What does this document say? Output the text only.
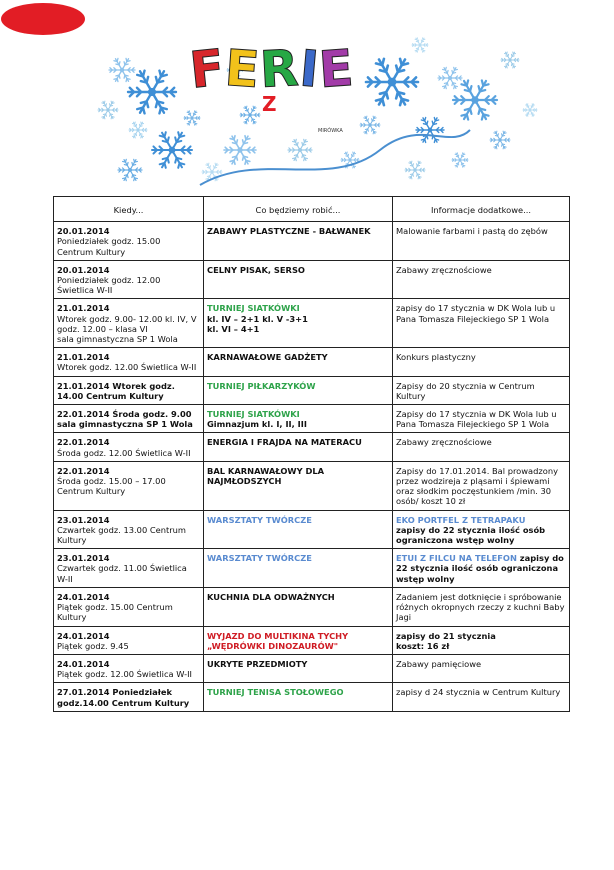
F
E
R
I
E
Z GOK
MIRÓWKA
Kiedy...	Co będziemy robić...	Informacje dodatkowe...
20.01.2014
Poniedziałek godz. 15.00
Centrum Kultury	ZABAWY PLASTYCZNE - BAŁWANEK	Malowanie farbami i pastą do zębów
20.01.2014
Poniedziałek godz. 12.00
Świetlica W-II	CELNY PISAK, SERSO	Zabawy zręcznościowe
21.01.2014
Wtorek godz. 9.00- 12.00 kl. IV, V
godz. 12.00 – klasa VI
sala gimnastyczna SP 1 Wola	TURNIEJ SIATKÓWKI
kl. IV – 2+1 kl. V -3+1
kl. VI – 4+1	zapisy do 17 stycznia w DK Wola lub u Pana Tomasza Filejeckiego SP 1 Wola
21.01.2014
Wtorek godz. 12.00 Świetlica W-II	KARNAWAŁOWE GADŻETY	Konkurs plastyczny
21.01.2014 Wtorek godz. 14.00 Centrum Kultury	TURNIEJ PIŁKARZYKÓW	Zapisy do 20 stycznia w Centrum Kultury
22.01.2014 Środa godz. 9.00 sala gimnastyczna SP 1 Wola	TURNIEJ SIATKÓWKI
Gimnazjum kl. I, II, III	Zapisy do 17 stycznia w DK Wola lub u Pana Tomasza Filejeckiego SP 1 Wola
22.01.2014
Środa godz. 12.00 Świetlica W-II	ENERGIA I FRAJDA NA MATERACU	Zabawy zręcznościowe
22.01.2014
Środa godz. 15.00 – 17.00
Centrum Kultury	BAL KARNAWAŁOWY DLA NAJMŁODSZYCH	Zapisy do 17.01.2014. Bal prowadzony przez wodzireja z pląsami i śpiewami oraz słodkim poczęstunkiem /min. 30 osób/ koszt 10 zł
23.01.2014
Czwartek godz. 13.00 Centrum Kultury	WARSZTATY TWÓRCZE	EKO PORTFEL Z TETRAPAKU
zapisy do 22 stycznia ilość osób ograniczona wstęp wolny
23.01.2014
Czwartek godz. 11.00 Świetlica W-II	WARSZTATY TWÓRCZE	ETUI Z FILCU NA TELEFON zapisy do 22 stycznia ilość osób ograniczona wstęp wolny
24.01.2014
Piątek godz. 15.00 Centrum Kultury	KUCHNIA DLA ODWAŻNYCH	Zadaniem jest dotknięcie i spróbowanie różnych okropnych rzeczy z kuchni Baby Jagi
24.01.2014
Piątek godz. 9.45	WYJAZD DO MULTIKINA TYCHY
„WĘDRÓWKI DINOZAURÓW"	zapisy do 21 stycznia
koszt: 16 zł
24.01.2014
Piątek godz. 12.00 Świetlica W-II	UKRYTE PRZEDMIOTY	Zabawy pamięciowe
27.01.2014 Poniedziałek godz.14.00 Centrum Kultury	TURNIEJ TENISA STOŁOWEGO	zapisy d 24 stycznia w Centrum Kultury
